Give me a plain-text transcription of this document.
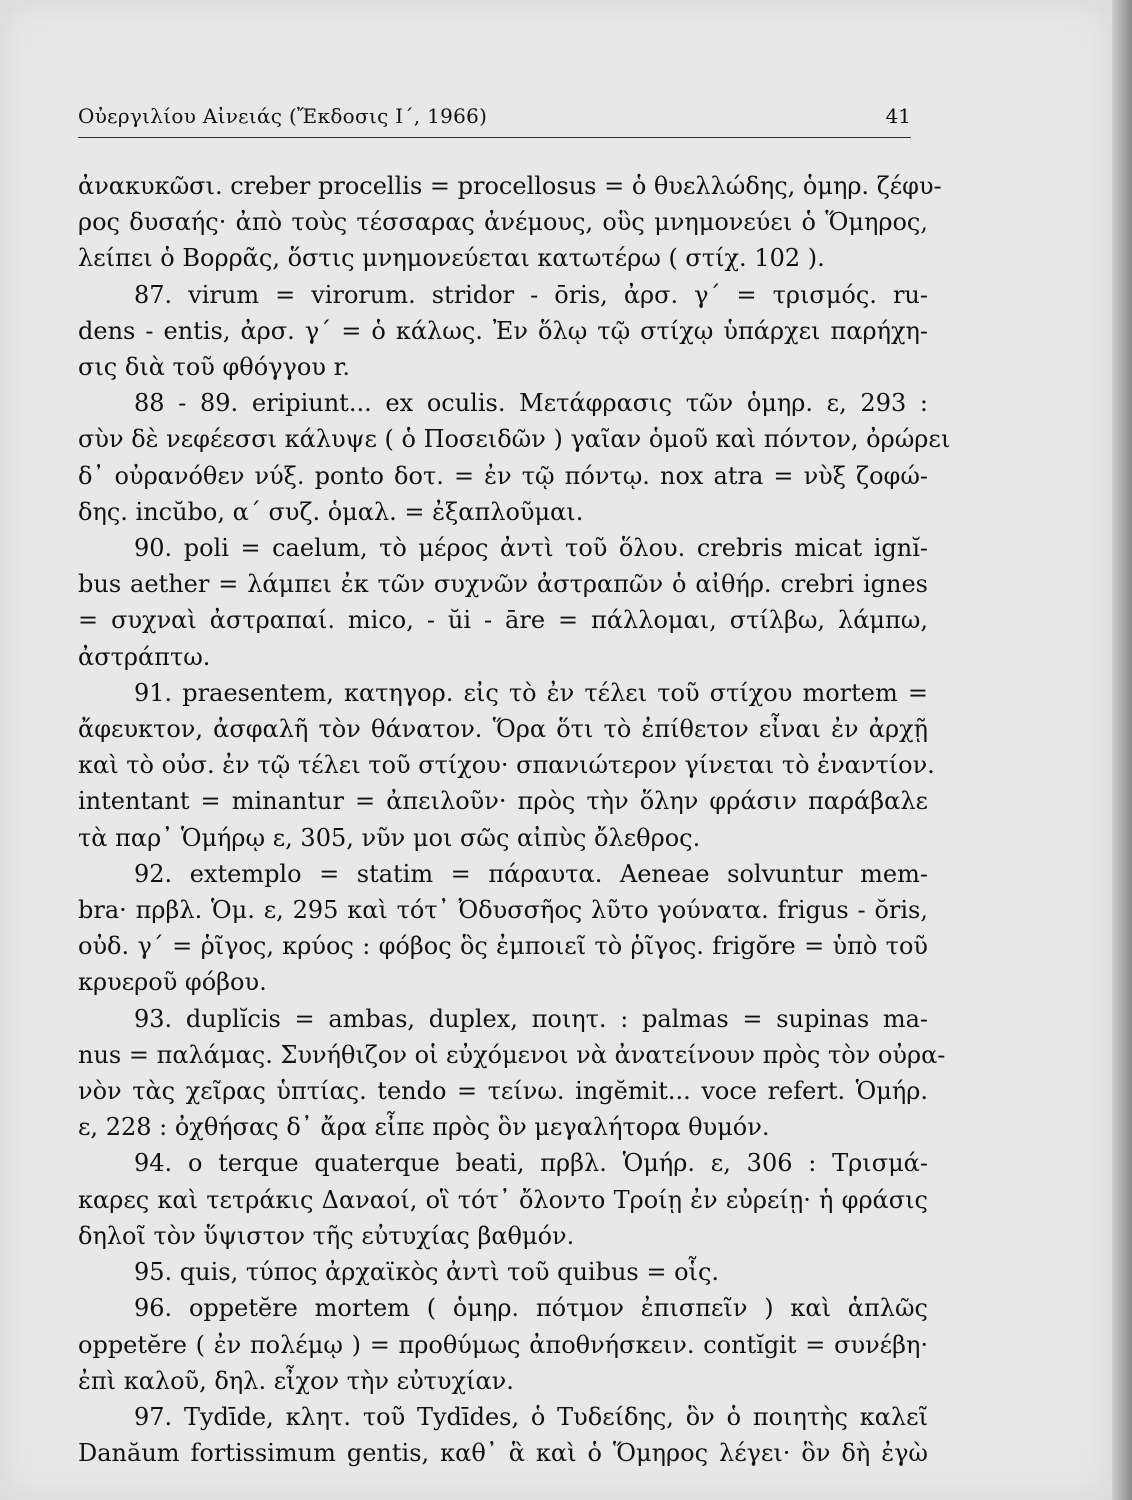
Οὐεργιλίου Αἰνειάς (Ἔκδοσις Ι΄, 1966)	41
ἀνακυκῶσι. creber procellis = procellosus = ὁ θυελλώδης, ὁμηρ. ζέφυ-
ρος δυσαής· ἀπὸ τοὺς τέσσαρας ἀνέμους, οὓς μνημονεύει ὁ Ὅμηρος,
λείπει ὁ Βορρᾶς, ὅστις μνημονεύεται κατωτέρω ( στίχ. 102 ).
87. virum = virorum. stridor - ōris, ἀρσ. γ΄ = τρισμός. ru-
dens - entis, ἀρσ. γ΄ = ὁ κάλως. Ἐν ὅλῳ τῷ στίχῳ ὑπάρχει παρήχη-
σις διὰ τοῦ φθόγγου r.
88 - 89. eripiunt... ex oculis. Μετάφρασις τῶν ὁμηρ. ε, 293 :
σὺν δὲ νεφέεσσι κάλυψε ( ὁ Ποσειδῶν ) γαῖαν ὁμοῦ καὶ πόντον, ὀρώρει
δ᾽ οὐρανόθεν νύξ. ponto δοτ. = ἐν τῷ πόντῳ. nox atra = νὺξ ζοφώ-
δης. incŭbo, α΄ συζ. ὁμαλ. = ἐξαπλοῦμαι.
90. poli = caelum, τὸ μέρος ἀντὶ τοῦ ὅλου. crebris micat ignĭ-
bus aether = λάμπει ἐκ τῶν συχνῶν ἀστραπῶν ὁ αἰθήρ. crebri ignes
= συχναὶ ἀστραπαί. mico, - ŭi - āre = πάλλομαι, στίλβω, λάμπω,
ἀστράπτω.
91. praesentem, κατηγορ. εἰς τὸ ἐν τέλει τοῦ στίχου mortem =
ἄφευκτον, ἀσφαλῆ τὸν θάνατον. Ὅρα ὅτι τὸ ἐπίθετον εἶναι ἐν ἀρχῇ
καὶ τὸ οὐσ. ἐν τῷ τέλει τοῦ στίχου· σπανιώτερον γίνεται τὸ ἐναντίον.
intentant = minantur = ἀπειλοῦν· πρὸς τὴν ὅλην φράσιν παράβαλε
τὰ παρ᾽ Ὁμήρῳ ε, 305, νῦν μοι σῶς αἰπὺς ὄλεθρος.
92. extemplo = statim = πάραυτα. Aeneae solvuntur mem-
bra· πρβλ. Ὁμ. ε, 295 καὶ τότ᾽ Ὀδυσσῆος λῦτο γούνατα. frigus - ŏris,
οὐδ. γ΄ = ῥῖγος, κρύος : φόβος ὃς ἐμποιεῖ τὸ ῥῖγος. frigŏre = ὑπὸ τοῦ
κρυεροῦ φόβου.
93. duplĭcis = ambas, duplex, ποιητ. : palmas = supinas ma-
nus = παλάμας. Συνήθιζον οἱ εὐχόμενοι νὰ ἀνατείνουν πρὸς τὸν οὐρα-
νὸν τὰς χεῖρας ὑπτίας. tendo = τείνω. ingĕmit... voce refert. Ὁμήρ.
ε, 228 : ὀχθήσας δ᾽ ἄρα εἶπε πρὸς ὃν μεγαλήτορα θυμόν.
94. o terque quaterque beati, πρβλ. Ὁμήρ. ε, 306 : Τρισμά-
καρες καὶ τετράκις Δαναοί, οἳ τότ᾽ ὄλοντο Τροίῃ ἐν εὐρείῃ· ἡ φράσις
δηλοῖ τὸν ὕψιστον τῆς εὐτυχίας βαθμόν.
95. quis, τύπος ἀρχαϊκὸς ἀντὶ τοῦ quibus = οἷς.
96. oppetĕre mortem ( ὁμηρ. πότμον ἐπισπεῖν ) καὶ ἁπλῶς
oppetĕre ( ἐν πολέμῳ ) = προθύμως ἀποθνήσκειν. contĭgit = συνέβη·
ἐπὶ καλοῦ, δηλ. εἶχον τὴν εὐτυχίαν.
97. Tydīde, κλητ. τοῦ Tydīdes, ὁ Τυδείδης, ὃν ὁ ποιητὴς καλεῖ
Danăum fortissimum gentis, καθ᾽ ἃ καὶ ὁ Ὅμηρος λέγει· ὃν δὴ ἐγὼ
